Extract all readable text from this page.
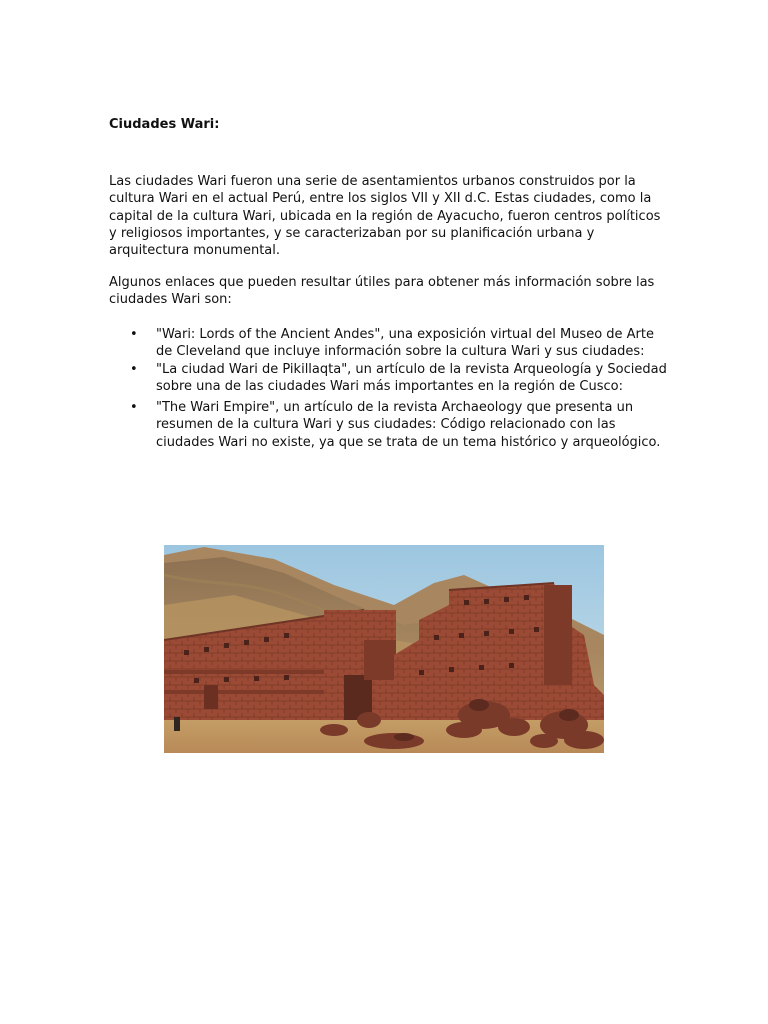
Ciudades Wari:

Las ciudades Wari fueron una serie de asentamientos urbanos construidos por la cultura Wari en el actual Perú, entre los siglos VII y XII d.C. Estas ciudades, como la capital de la cultura Wari, ubicada en la región de Ayacucho, fueron centros políticos y religiosos importantes, y se caracterizaban por su planificación urbana y arquitectura monumental.

Algunos enlaces que pueden resultar útiles para obtener más información sobre las ciudades Wari son:

• "Wari: Lords of the Ancient Andes", una exposición virtual del Museo de Arte de Cleveland que incluye información sobre la cultura Wari y sus ciudades:
• "La ciudad Wari de Pikillaqta", un artículo de la revista Arqueología y Sociedad sobre una de las ciudades Wari más importantes en la región de Cusco:
• "The Wari Empire", un artículo de la revista Archaeology que presenta un resumen de la cultura Wari y sus ciudades: Código relacionado con las ciudades Wari no existe, ya que se trata de un tema histórico y arqueológico.
